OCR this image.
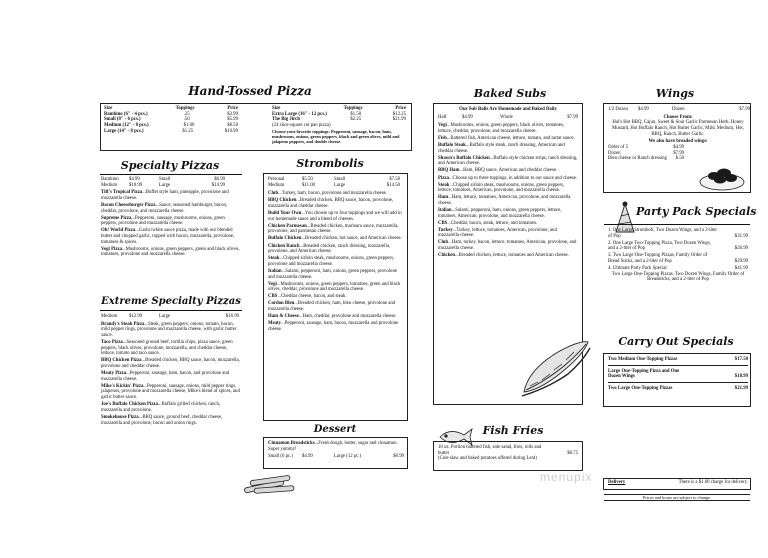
Hand-Tossed Pizza
Size	Toppings	Price
Bambino (6" - 4 pcs.)	.25	$3.99
Small (8" - 6 pcs.)	.50	$5.99
Medium (12" - 8 pcs.)	$1.00	$8.50
Large (14" - 8 pcs.)	$1.25	$10.99
Size	Toppings	Price
Extra Large (16" - 12 pcs.)	$1.50	$12.25
The Big Jirch	$2.25	$21.99
(24 slice-square cut pan pizza)
Choose your favorite toppings: Pepperoni, sausage, bacon, ham, mushrooms, onions, green peppers, black and green olives, mild and jalapeno peppers, and double cheese.
Specialty Pizzas
Bambino	$4.99	Small	$6.99
Medium	$10.99	Large	$14.99
Tiff's Tropical Pizza...Buffet style ham, pineapple, provolone and mozzarella cheese.
Bacon Cheeseburger Pizza...Sauce, seasoned hamburger, bacon, cheddar, provolone, and mozzarella cheese.
Supreme Pizza...Pepperoni, sausage, mushrooms, onions, green peppers, provolone and mozzarella cheese.
Oh! World Pizza...Garlic/white sauce pizza, made with our blended butter and chopped garlic, topped with bacon, mozzarella, provolone, tomatoes & spices.
Vegi Pizza...Mushrooms, onions, green peppers, green and black olives, tomatoes, provolone and mozzarella cheese.
Extreme Specialty Pizzas
Medium	$12.99	Large	$16.99
Brandy's Steak Pizza...Steak, green peppers, onions, tomato, bacon, mild pepper rings, provolone and mozzarella cheese, with garlic butter sauce.
Taco Pizza...Seasoned ground beef, tortilla chips, pizza sauce, green peppers, black olives, provolone, mozzarella, and cheddar cheese, lettuce, tomato and taco sauce.
BBQ Chicken Pizza...Breaded chicken, BBQ sauce, bacon, mozzarella, provolone and cheddar cheese.
Meaty Pizza...Pepperoni, sausage, ham, bacon, and provolone and mozzarella cheese.
Mike's Kickin' Pizza...Pepperoni, sausage, onions, mild pepper rings, jalapenos, provolone and mozzarella cheese, Mike's blend of spices, and garlic butter sauce.
Joe's Buffalo Chicken Pizza...Buffalo grilled chicken, ranch, mozzarella and provolone.
Smokehouse Pizza...BBQ sauce, ground beef, cheddar cheese, mozzarella and provolone, bacon and onion rings.
Strombolis
Personal	$5.50	Small	$7.50
Medium	$11.00	Large	$14.50
Club...Turkey, ham, bacon, provolone and mozzarella cheese.
BBQ Chicken...Breaded chicken, BBQ sauce, bacon, provolone, mozzarella and cheddar cheese.
Build Your Own...You choose up to four toppings and we will add in our homemade sauce and a blend of cheeses.
Chicken Parmesan...Breaded chicken, marinara sauce, mozzarella, provolone, and parmesan cheese.
Buffalo Chicken...Breaded chicken, hot sauce, and American cheese.
Chicken Ranch...Breaded chicken, ranch dressing, mozzarella, provolone, and American cheese.
Steak...Chipped sirloin steak, mushrooms, onions, green peppers, provolone and mozzarella cheese.
Italian...Salami, pepperoni, ham, onions, green peppers, provolone and mozzarella cheese.
Vegi...Mushrooms, onions, green peppers, tomatoes, green and black olives, cheddar, provolone and mozzarella cheese.
CBS...Cheddar cheese, bacon, and steak.
Cordon Bleu...Breaded chicken, ham, bleu cheese, provolone and mozzarella cheese.
Ham & Cheese...Ham, cheddar, provolone and mozzarella cheese.
Meaty...Pepperoni, sausage, ham, bacon, mozzarella and provolone cheese.
Dessert
Cinnamon Breadsticks...Fresh dough, butter, sugar and cinnamon. Super yummy!
Small (6 pc.)	$4.99	Large (12 pc.)	$6.99
Baked Subs
Our Sub Rolls Are Homemade and Baked Daily
Half	$4.99	Whole	$7.99
Vegi...Mushrooms, onions, green peppers, black olives, tomatoes, lettuce, cheddar, provolone, and mozzarella cheese.
Fish...Battered fish, American cheese, lettuce, tomato, and tartar sauce.
Buffalo Steak...Buffalo style steak, ranch dressing, American and cheddar cheese.
Shawn's Buffalo Chicken...Buffalo style chicken strips, ranch dressing, and American cheese.
BBQ Ham...Ham, BBQ sauce, American and cheddar cheese.
Pizza...Choose up to three toppings, in addition to our sauce and cheese.
Steak...Chipped sirloin steak, mushrooms, onions, green peppers, lettuce, tomatoes, American, provolone, and mozzarella cheese.
Ham...Ham, lettuce, tomatoes, American, provolone, and mozzarella cheese.
Italian...Salami, pepperoni, ham, onions, green peppers, lettuce, tomatoes, American, provolone, and mozzarella cheese.
CBS...Cheddar, bacon, steak, lettuce, and tomatoes.
Turkey...Turkey, lettuce, tomatoes, American, provolone, and mozzarella cheese.
Club...Ham, turkey, bacon, lettuce, tomatoes, American, provolone, and mozzarella cheese.
Chicken...Breaded chicken, lettuce, tomatoes and American cheese.
Fish Fries
10 oz. Portion battered fish, side salad, fries, rolls and butter	$8.75
(Cole slaw and baked potatoes offered during Lent)
Wings
1/2 Dozen	$4.99	Dozen	$7.99
Choose From:
Hal's Hot BBQ, Cajun, Sweet & Sour Garlic Parmesan Herb, Honey Mustard, Hot Buffalo Ranch, Hot Butter Garlic, Mild, Medium, Hot, BBQ, Ranch, Butter Garlic.
We also have breaded wings:
Order of 5	$4.99
Dozen	$7.99
Bleu cheese or Ranch dressing $.50
Party Pack Specials
1. One Large Stromboli, Two Dozen Wings, and a 2-liter of Pop	$31.99
2. One Large Two-Topping Pizza, Two Dozen Wings, and a 2-liter of Pop	$26.99
3. Two Large One-Topping Pizzas, Family Order of Bread Sticks, and a 2-liter of Pop	$29.99
4. Ultimate Party Pack Special	$41.99
Two Large One-Topping Pizzas, Two Dozen Wings, Family Order of Breadsticks, and a 2-liter of Pop
Carry Out Specials
Two Medium One-Topping Pizzas	$17.50
Large One-Topping Pizza and One Dozen Wings	$18.99
Two Large One-Topping Pizzas	$21.99
Delivery	There is a $1.00 charge for delivery.
Prices and hours are subject to change.
menupix
